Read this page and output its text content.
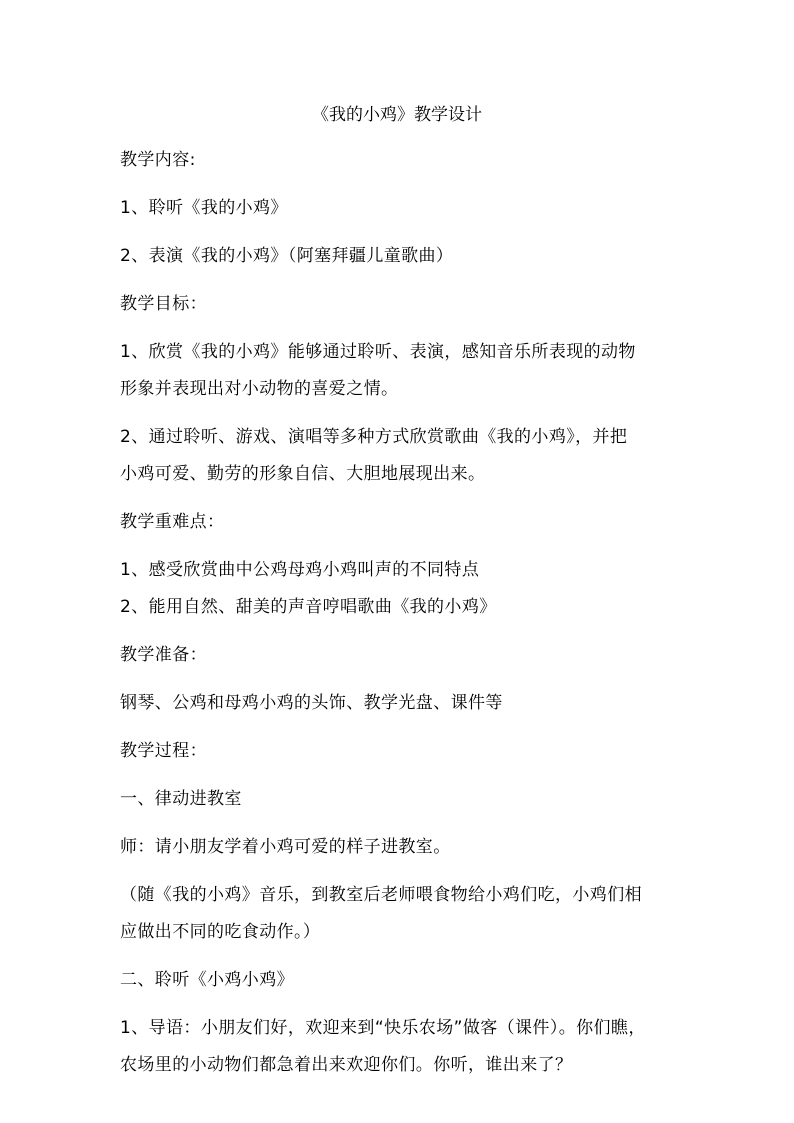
《我的小鸡》教学设计
教学内容:
1、聆听《我的小鸡》
2、表演《我的小鸡》（阿塞拜疆儿童歌曲）
教学目标：
1、欣赏《我的小鸡》能够通过聆听、表演，感知音乐所表现的动物
形象并表现出对小动物的喜爱之情。
2、通过聆听、游戏、演唱等多种方式欣赏歌曲《我的小鸡》，并把
小鸡可爱、勤劳的形象自信、大胆地展现出来。
教学重难点：
1、感受欣赏曲中公鸡母鸡小鸡叫声的不同特点
2、能用自然、甜美的声音哼唱歌曲《我的小鸡》
教学准备：
钢琴、公鸡和母鸡小鸡的头饰、教学光盘、课件等
教学过程：
一、律动进教室
师：请小朋友学着小鸡可爱的样子进教室。
（随《我的小鸡》音乐，到教室后老师喂食物给小鸡们吃，小鸡们相
应做出不同的吃食动作。）
二、聆听《小鸡小鸡》
1、导语：小朋友们好，欢迎来到“快乐农场”做客（课件）。你们瞧，
农场里的小动物们都急着出来欢迎你们。你听，谁出来了？
